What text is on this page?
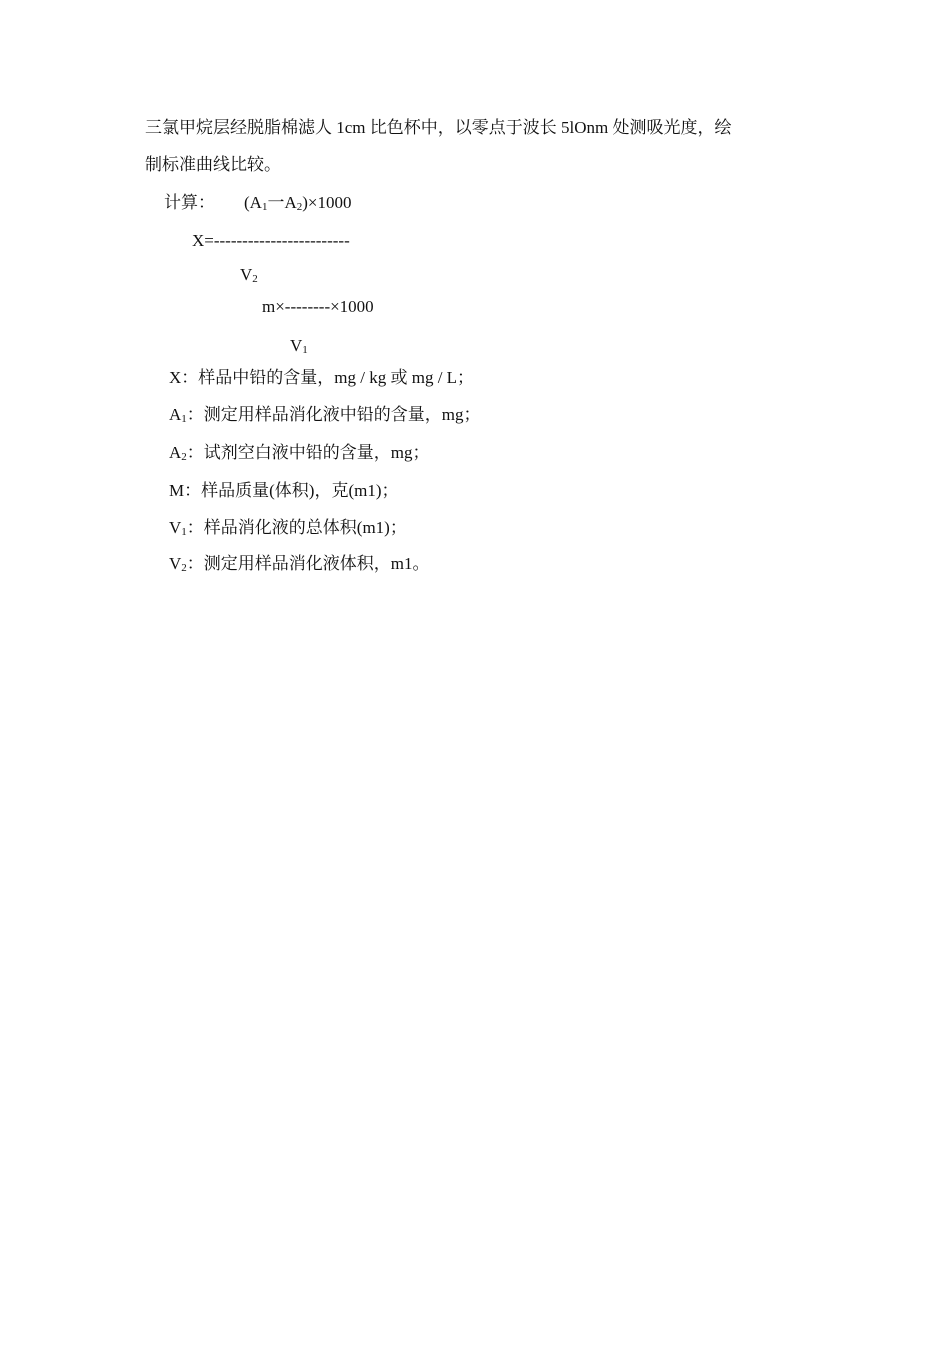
三氯甲烷层经脱脂棉滤人 1cm 比色杯中，以零点于波长 5lOnm 处测吸光度，绘
制标准曲线比较。
计算： ($A_1$一$A_2)\times 1000$
X=------------------------
$V_2$
m×--------×1000
$V_1$
X：样品中铅的含量，mg / kg 或 mg / L；
$A_1$：测定用样品消化液中铅的含量，mg；
$A_2$：试剂空白液中铅的含量，mg；
M：样品质量(体积)，克(m1)；
$V_1$：样品消化液的总体积(m1)；
$V_2$：测定用样品消化液体积，m1。
